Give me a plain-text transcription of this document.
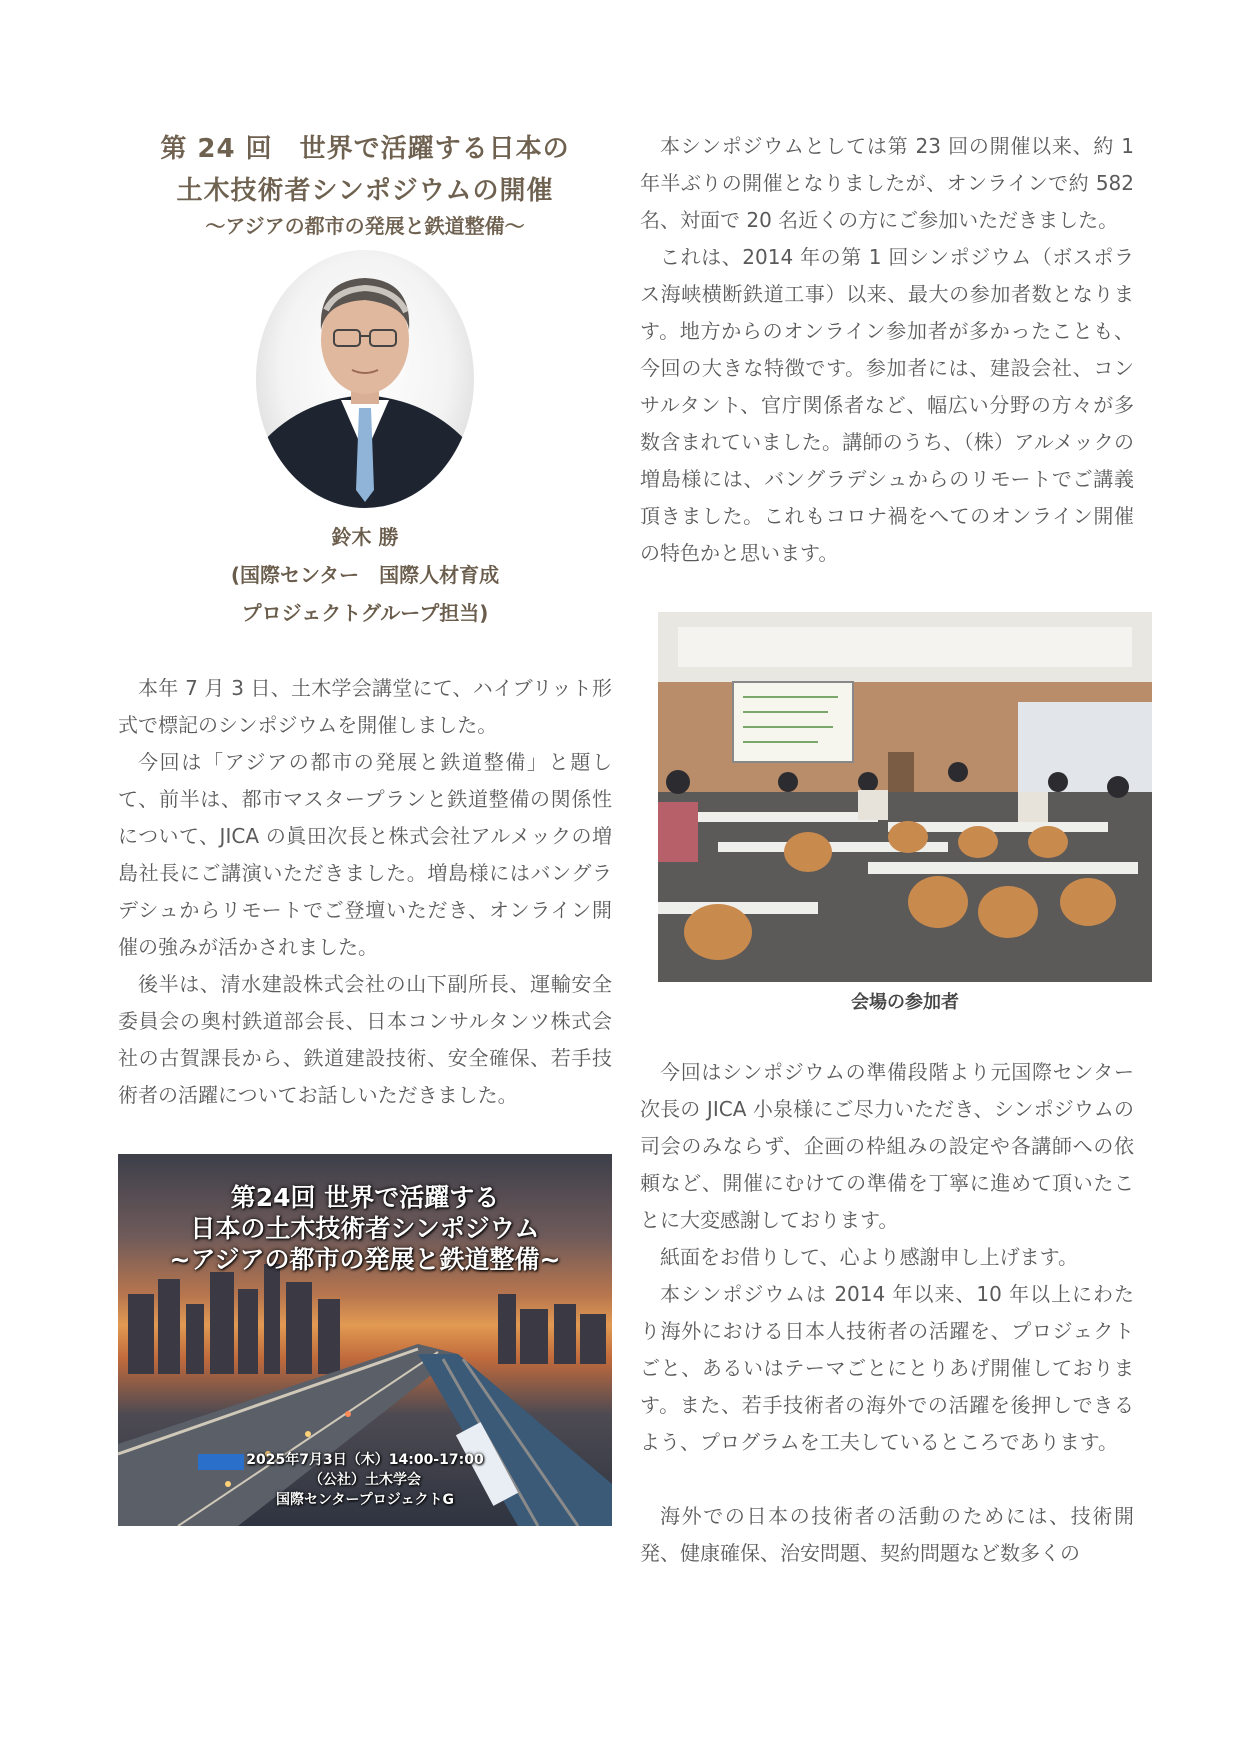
第 24 回　世界で活躍する日本の
土木技術者シンポジウムの開催
～アジアの都市の発展と鉄道整備～
鈴木 勝
(国際センター　国際人材育成
プロジェクトグループ担当)

本年 7 月 3 日、土木学会講堂にて、ハイブリット形式で標記のシンポジウムを開催しました。

今回は「アジアの都市の発展と鉄道整備」と題して、前半は、都市マスタープランと鉄道整備の関係性について、JICA の眞田次長と株式会社アルメックの増島社長にご講演いただきました。増島様にはバングラデシュからリモートでご登壇いただき、オンライン開催の強みが活かされました。

後半は、清水建設株式会社の山下副所長、運輸安全委員会の奥村鉄道部会長、日本コンサルタンツ株式会社の古賀課長から、鉄道建設技術、安全確保、若手技術者の活躍についてお話しいただきました。

第24回 世界で活躍する
日本の土木技術者シンポジウム
~アジアの都市の発展と鉄道整備~
2025年7月3日（木）14:00-17:00
（公社）土木学会
国際センタープロジェクトG

本シンポジウムとしては第 23 回の開催以来、約 1 年半ぶりの開催となりましたが、オンラインで約 582 名、対面で 20 名近くの方にご参加いただきました。

これは、2014 年の第 1 回シンポジウム（ボスポラス海峡横断鉄道工事）以来、最大の参加者数となります。地方からのオンライン参加者が多かったことも、今回の大きな特徴です。参加者には、建設会社、コンサルタント、官庁関係者など、幅広い分野の方々が多数含まれていました。講師のうち、（株）アルメックの増島様には、バングラデシュからのリモートでご講義頂きました。これもコロナ禍をへてのオンライン開催の特色かと思います。

会場の参加者

今回はシンポジウムの準備段階より元国際センター次長の JICA 小泉様にご尽力いただき、シンポジウムの司会のみならず、企画の枠組みの設定や各講師への依頼など、開催にむけての準備を丁寧に進めて頂いたことに大変感謝しております。

紙面をお借りして、心より感謝申し上げます。

本シンポジウムは 2014 年以来、10 年以上にわたり海外における日本人技術者の活躍を、プロジェクトごと、あるいはテーマごとにとりあげ開催しております。また、若手技術者の海外での活躍を後押しできるよう、プログラムを工夫しているところであります。

海外での日本の技術者の活動のためには、技術開発、健康確保、治安問題、契約問題など数多くの
